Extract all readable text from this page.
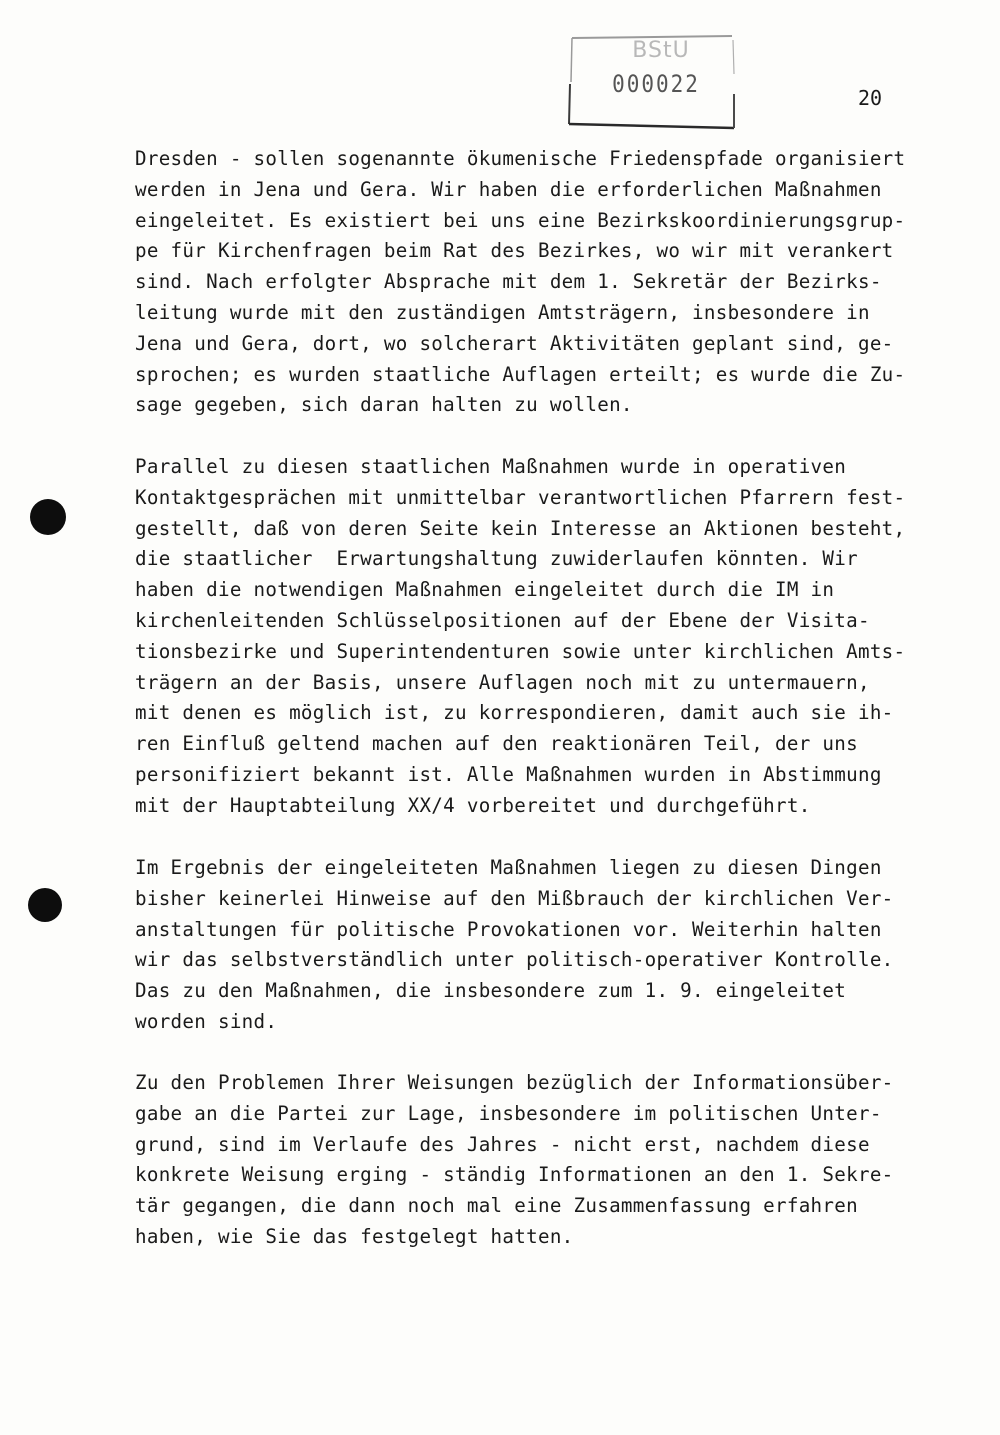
BStU
000022
20
Dresden - sollen sogenannte ökumenische Friedenspfade organisiert
werden in Jena und Gera. Wir haben die erforderlichen Maßnahmen
eingeleitet. Es existiert bei uns eine Bezirkskoordinierungsgrup-
pe für Kirchenfragen beim Rat des Bezirkes, wo wir mit verankert
sind. Nach erfolgter Absprache mit dem 1. Sekretär der Bezirks-
leitung wurde mit den zuständigen Amtsträgern, insbesondere in
Jena und Gera, dort, wo solcherart Aktivitäten geplant sind, ge-
sprochen; es wurden staatliche Auflagen erteilt; es wurde die Zu-
sage gegeben, sich daran halten zu wollen.
Parallel zu diesen staatlichen Maßnahmen wurde in operativen
Kontaktgesprächen mit unmittelbar verantwortlichen Pfarrern fest-
gestellt, daß von deren Seite kein Interesse an Aktionen besteht,
die staatlicher  Erwartungshaltung zuwiderlaufen könnten. Wir
haben die notwendigen Maßnahmen eingeleitet durch die IM in
kirchenleitenden Schlüsselpositionen auf der Ebene der Visita-
tionsbezirke und Superintendenturen sowie unter kirchlichen Amts-
trägern an der Basis, unsere Auflagen noch mit zu untermauern,
mit denen es möglich ist, zu korrespondieren, damit auch sie ih-
ren Einfluß geltend machen auf den reaktionären Teil, der uns
personifiziert bekannt ist. Alle Maßnahmen wurden in Abstimmung
mit der Hauptabteilung XX/4 vorbereitet und durchgeführt.
Im Ergebnis der eingeleiteten Maßnahmen liegen zu diesen Dingen
bisher keinerlei Hinweise auf den Mißbrauch der kirchlichen Ver-
anstaltungen für politische Provokationen vor. Weiterhin halten
wir das selbstverständlich unter politisch-operativer Kontrolle.
Das zu den Maßnahmen, die insbesondere zum 1. 9. eingeleitet
worden sind.
Zu den Problemen Ihrer Weisungen bezüglich der Informationsüber-
gabe an die Partei zur Lage, insbesondere im politischen Unter-
grund, sind im Verlaufe des Jahres - nicht erst, nachdem diese
konkrete Weisung erging - ständig Informationen an den 1. Sekre-
tär gegangen, die dann noch mal eine Zusammenfassung erfahren
haben, wie Sie das festgelegt hatten.
